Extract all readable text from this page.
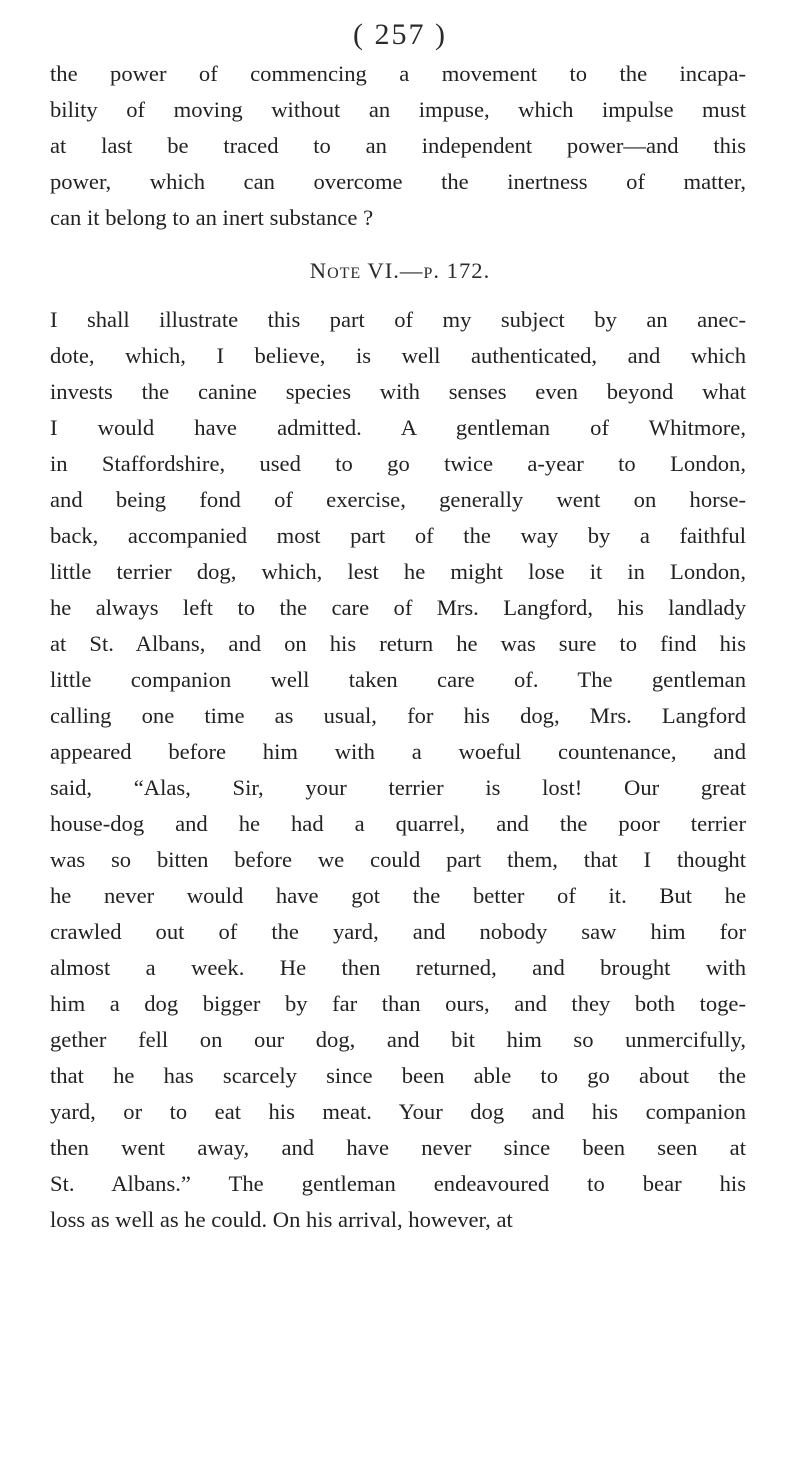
( 257 )
the power of commencing a movement to the incapa-
bility of moving without an impuse, which impulse must
at last be traced to an independent power—and this
power, which can overcome the inertness of matter,
can it belong to an inert substance ?
Note VI.—p. 172.
I shall illustrate this part of my subject by an anec-
dote, which, I believe, is well authenticated, and which
invests the canine species with senses even beyond what
I would have admitted. A gentleman of Whitmore,
in Staffordshire, used to go twice a-year to London,
and being fond of exercise, generally went on horse-
back, accompanied most part of the way by a faithful
little terrier dog, which, lest he might lose it in London,
he always left to the care of Mrs. Langford, his landlady
at St. Albans, and on his return he was sure to find his
little companion well taken care of. The gentleman
calling one time as usual, for his dog, Mrs. Langford
appeared before him with a woeful countenance, and
said, “Alas, Sir, your terrier is lost! Our great
house-dog and he had a quarrel, and the poor terrier
was so bitten before we could part them, that I thought
he never would have got the better of it. But he
crawled out of the yard, and nobody saw him for
almost a week. He then returned, and brought with
him a dog bigger by far than ours, and they both toge-
gether fell on our dog, and bit him so unmercifully,
that he has scarcely since been able to go about the
yard, or to eat his meat. Your dog and his companion
then went away, and have never since been seen at
St. Albans.” The gentleman endeavoured to bear his
loss as well as he could. On his arrival, however, at
